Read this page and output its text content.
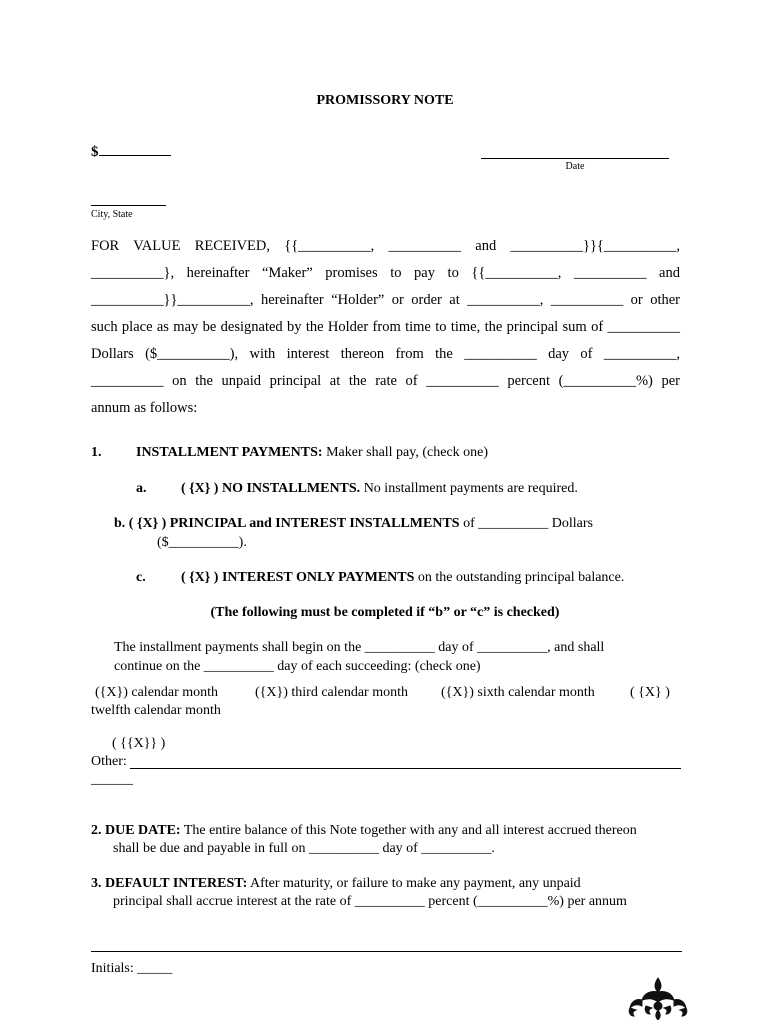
PROMISSORY NOTE
$
Date
City, State
FOR VALUE RECEIVED, {{__________, __________ and __________}}{__________,
__________}, hereinafter “Maker” promises to pay to {{__________, __________ and
__________}}__________, hereinafter “Holder” or order at __________, __________ or other
such place as may be designated by the Holder from time to time, the principal sum of __________
Dollars ($__________), with interest thereon from the __________ day of __________,
__________ on the unpaid principal at the rate of __________ percent (__________%) per
annum as follows:
1. INSTALLMENT PAYMENTS: Maker shall pay, (check one)
a. ( {X} ) NO INSTALLMENTS. No installment payments are required.
b. ( {X} ) PRINCIPAL and INTEREST INSTALLMENTS of __________ Dollars
($__________).
c.	( {X} ) INTEREST ONLY PAYMENTS on the outstanding principal balance.
(The following must be completed if “b” or “c” is checked)
The installment payments shall begin on the __________ day of __________, and shall
continue on the __________ day of each succeeding: (check one)
({X}) calendar month	({X}) third calendar month ({X}) sixth calendar month	( {X} )
twelfth calendar month
( {{X}} )
Other:
______
2. DUE DATE: The entire balance of this Note together with any and all interest accrued thereon
shall be due and payable in full on __________ day of __________.
3. DEFAULT INTEREST: After maturity, or failure to make any payment, any unpaid
principal shall accrue interest at the rate of __________ percent (__________%) per annum
Initials: _____
